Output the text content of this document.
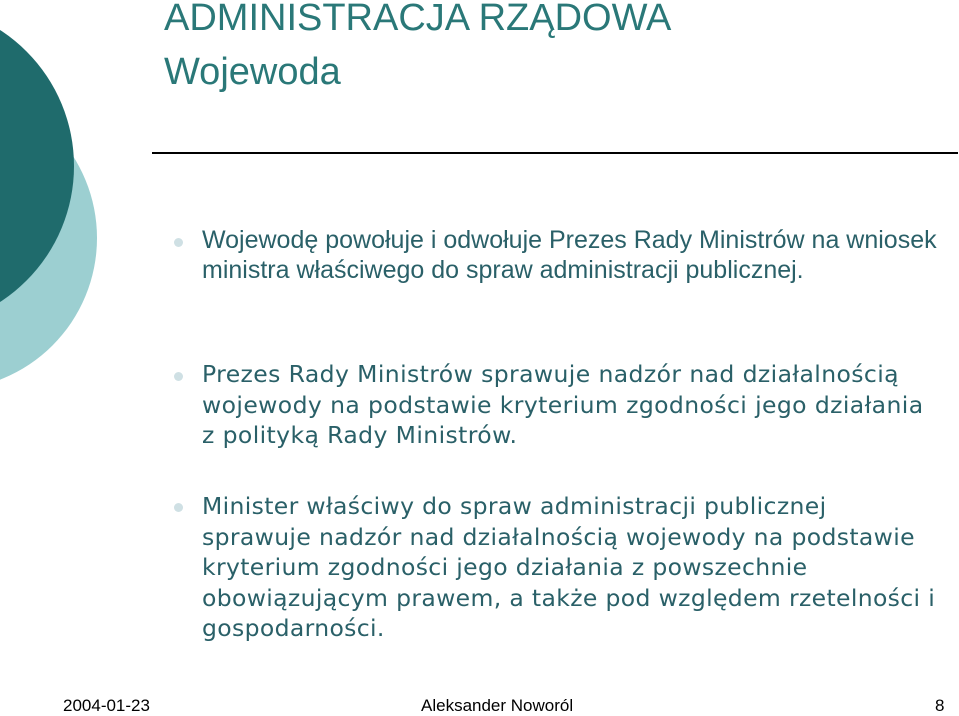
ADMINISTRACJA RZĄDOWA
Wojewoda

Wojewodę powołuje i odwołuje Prezes Rady Ministrów na wniosek ministra właściwego do spraw administracji publicznej.

Prezes Rady Ministrów sprawuje nadzór nad działalnością wojewody na podstawie kryterium zgodności jego działania z polityką Rady Ministrów.

Minister właściwy do spraw administracji publicznej sprawuje nadzór nad działalnością wojewody na podstawie kryterium zgodności jego działania z powszechnie obowiązującym prawem, a także pod względem rzetelności i gospodarności.

2004-01-23	Aleksander Noworól	8
